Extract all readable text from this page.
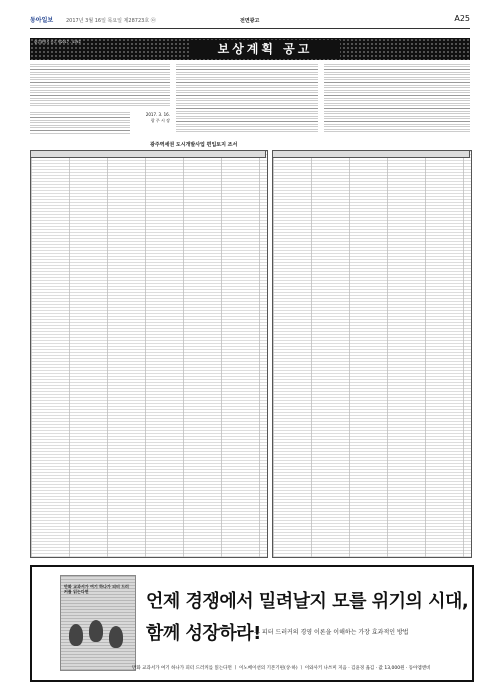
동아일보	2017년 3월 16일 목요일 제28723호 ㉧	전면광고	A25
광주광역시 공고 제2017 - 419호	보상계획 공고
2017. 3. 16.
광 주 시 장
광주역세권 도시개발사업 편입토지 조서
만화 교과서가 여기 하나가 피터 드러커를 읽는다면	언제 경쟁에서 밀려날지 모를 위기의 시대,
함께 성장하라!
— 피터 드러커의 경영 이론을 이해하는 가장 효과적인 방법
만화 교과서가 여기 하나가 피터 드러커를 읽는다면 ㅣ 이노베이션의 기본기편(상·하) ㅣ 이와사키 나쓰미 지음 · 김윤경 옮김 · 값 13,000원 · 동아엠앤비
